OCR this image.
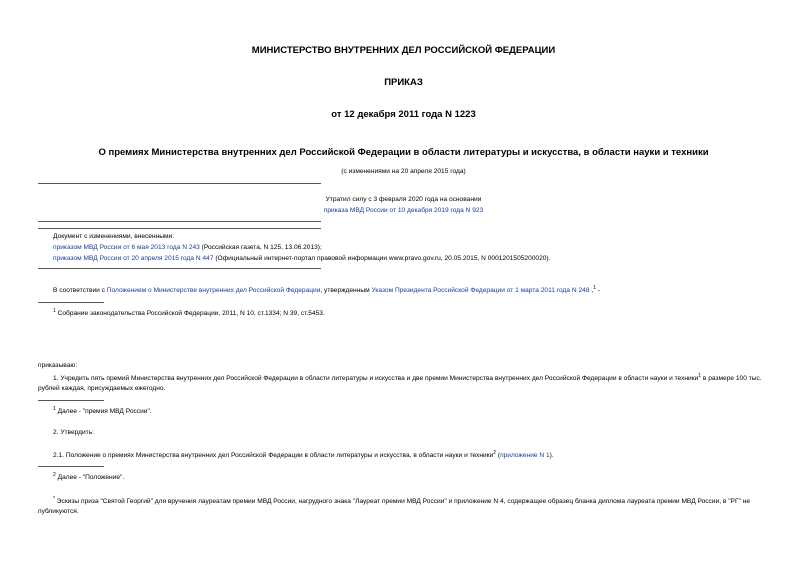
МИНИСТЕРСТВО ВНУТРЕННИХ ДЕЛ РОССИЙСКОЙ ФЕДЕРАЦИИ
ПРИКАЗ
от 12 декабря 2011 года N 1223
О премиях Министерства внутренних дел Российской Федерации в области литературы и искусства, в области науки и техники
(с изменениями на 20 апреля 2015 года)
Утратил силу с 3 февраля 2020 года на основании
приказа МВД России от 10 декабря 2019 года N 923
Документ с изменениями, внесенными:
приказом МВД России от 6 мая 2013 года N 243 (Российская газета, N 125, 13.06.2013);
приказом МВД России от 20 апреля 2015 года N 447 (Официальный интернет-портал правовой информации www.pravo.gov.ru, 20.05.2015, N 0001201505200020).
В соответствии с Положением о Министерстве внутренних дел Российской Федерации, утвержденным Указом Президента Российской Федерации от 1 марта 2011 года N 248 ,$^1$ -
$^1$ Собрание законодательства Российской Федерации, 2011, N 10, ст.1334; N 39, ст.5453.
приказываю:
1. Учредить пять премий Министерства внутренних дел Российской Федерации в области литературы и искусства и две премии Министерства внутренних дел Российской Федерации в области науки и техники$^1$ в размере 100 тыс. рублей каждая, присуждаемых ежегодно.
$^1$ Далее - "премия МВД России".
2. Утвердить:
2.1. Положение о премиях Министерства внутренних дел Российской Федерации в области литературы и искусства, в области науки и техники$^2$ (приложение N 1).
$^2$ Далее - "Положение".
* Эскизы приза "Святой Георгий" для вручения лауреатам премии МВД России, нагрудного знака "Лауреат премии МВД России" и приложение N 4, содержащее образец бланка диплома лауреата премии МВД России, в "РГ" не публикуются.
